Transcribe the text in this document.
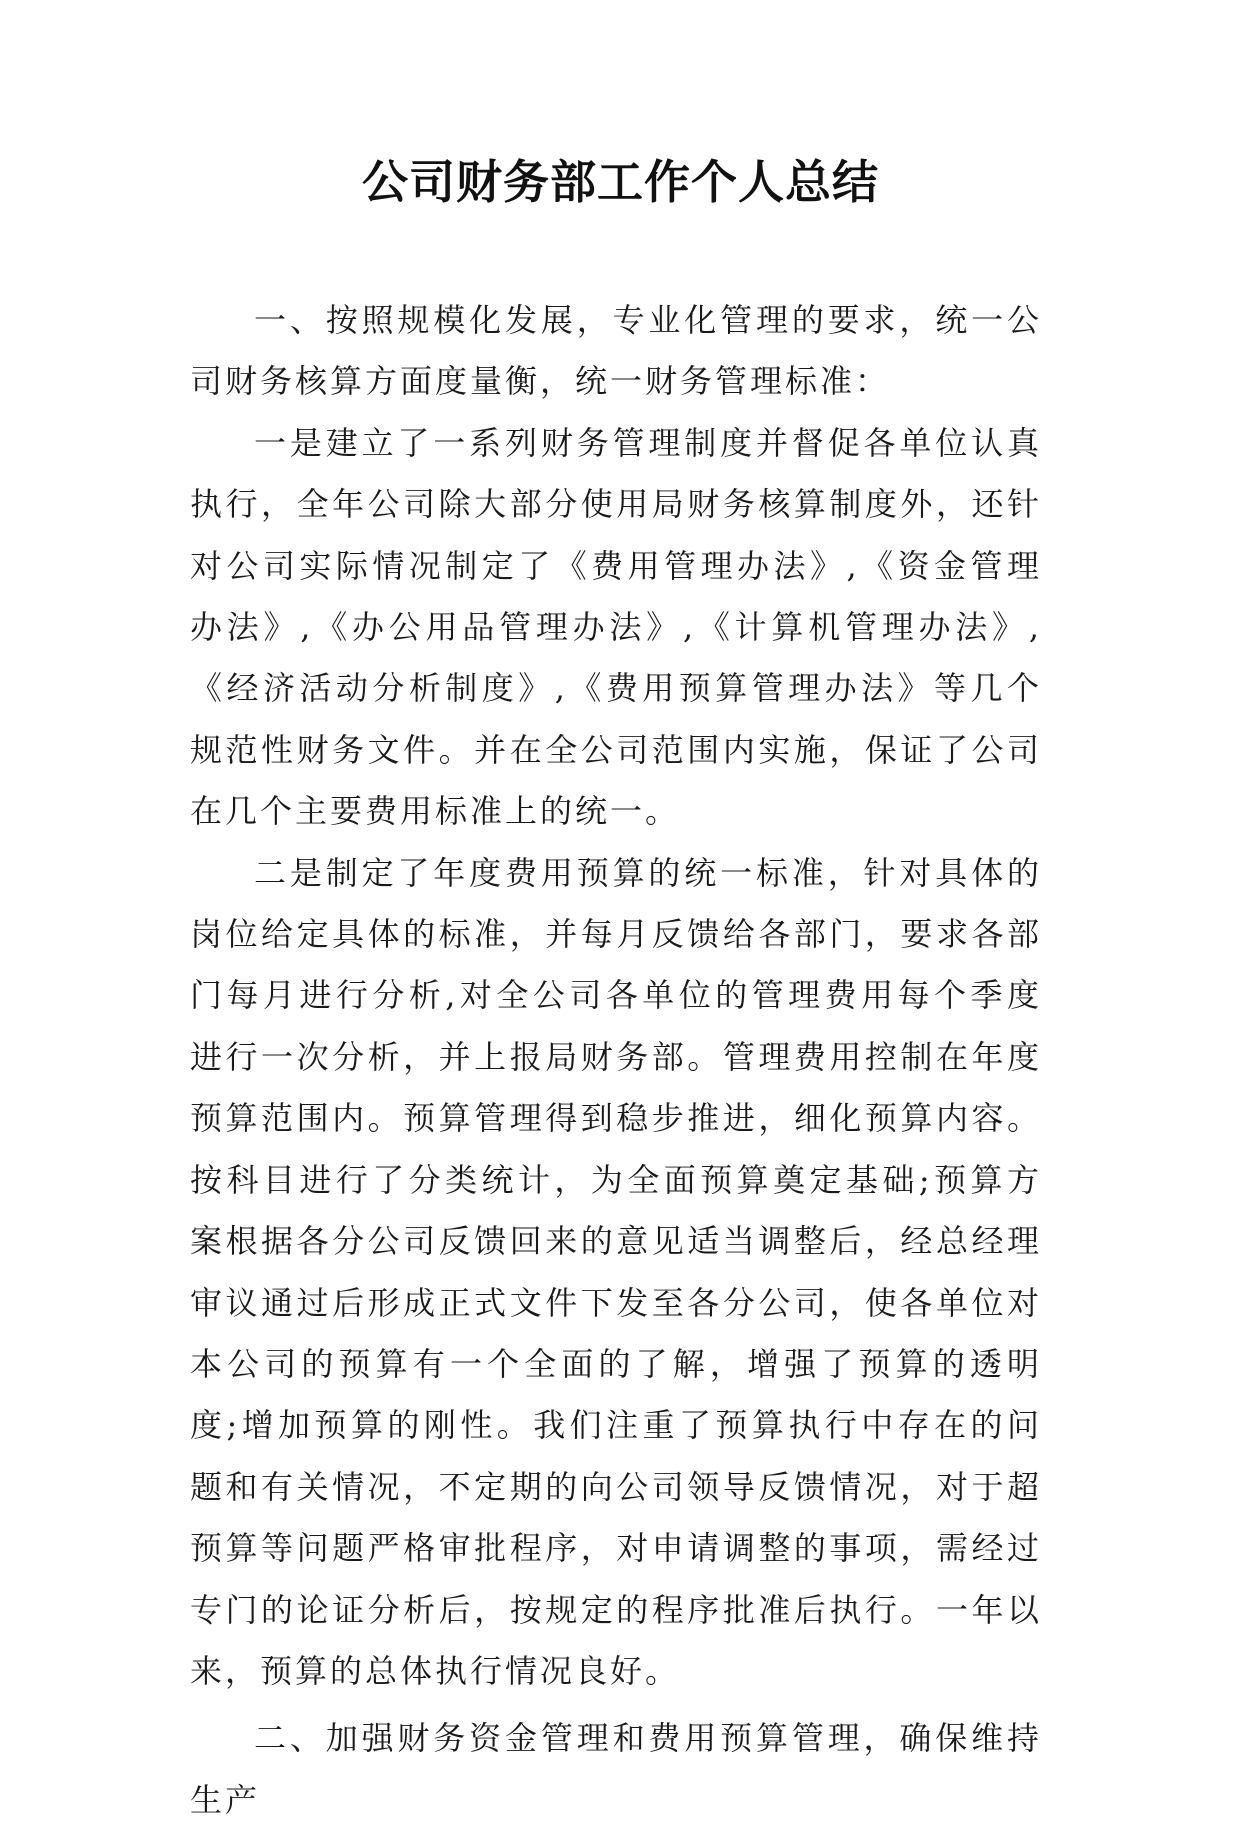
公司财务部工作个人总结

一、按照规模化发展，专业化管理的要求，统一公司财务核算方面度量衡，统一财务管理标准：

一是建立了一系列财务管理制度并督促各单位认真执行，全年公司除大部分使用局财务核算制度外，还针对公司实际情况制定了《费用管理办法》,《资金管理办法》,《办公用品管理办法》,《计算机管理办法》,《经济活动分析制度》,《费用预算管理办法》等几个规范性财务文件。并在全公司范围内实施，保证了公司在几个主要费用标准上的统一。

二是制定了年度费用预算的统一标准，针对具体的岗位给定具体的标准，并每月反馈给各部门，要求各部门每月进行分析,对全公司各单位的管理费用每个季度进行一次分析，并上报局财务部。管理费用控制在年度预算范围内。预算管理得到稳步推进，细化预算内容。按科目进行了分类统计，为全面预算奠定基础;预算方案根据各分公司反馈回来的意见适当调整后，经总经理审议通过后形成正式文件下发至各分公司，使各单位对本公司的预算有一个全面的了解，增强了预算的透明度;增加预算的刚性。我们注重了预算执行中存在的问题和有关情况，不定期的向公司领导反馈情况，对于超预算等问题严格审批程序，对申请调整的事项，需经过专门的论证分析后，按规定的程序批准后执行。一年以来，预算的总体执行情况良好。

二、加强财务资金管理和费用预算管理，确保维持生产
